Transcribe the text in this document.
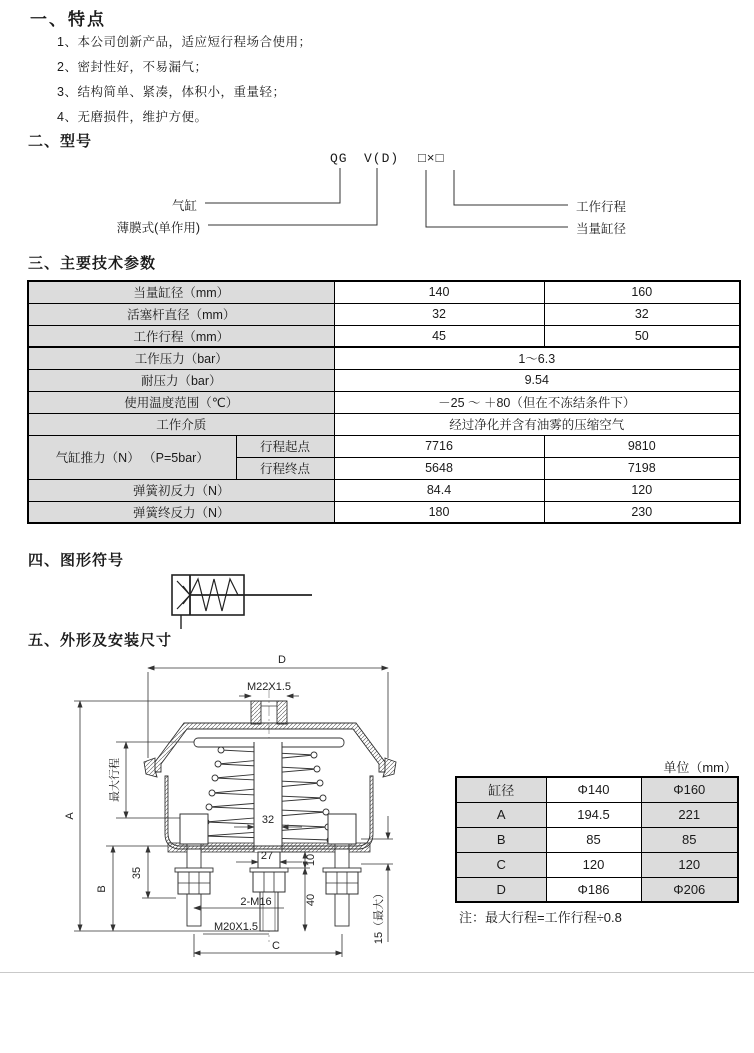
一、特点
1、本公司创新产品，适应短行程场合使用；
2、密封性好，不易漏气；
3、结构简单、紧凑，体积小，重量轻；
4、无磨损件，维护方便。
二、型号
QG V(D) □×□
气缸
薄膜式(单作用)
工作行程
当量缸径
三、主要技术参数
当量缸径（mm）		140	160
活塞杆直径（mm）		32	32
工作行程（mm）		45	50
工作压力（bar）		1～6.3	
耐压力（bar）		9.54	
使用温度范围（℃）		－25 ～ ＋80（但在不冻结条件下）	
工作介质		经过净化并含有油雾的压缩空气	
气缸推力（N） （P=5bar）	行程起点	7716	9810
	行程终点	5648	7198
弹簧初反力（N）		84.4	120
弹簧终反力（N）		180	230
四、图形符号
五、外形及安装尺寸
D
M22X1.5
最大行程
A
B
35
32
27	10
40
2-M16
M20X1.5
C
15（最大）
单位（mm）
缸径	Φ140	Φ160
A	194.5	221
B	85	85
C	120	120
D	Φ186	Φ206
注：最大行程=工作行程÷0.8
